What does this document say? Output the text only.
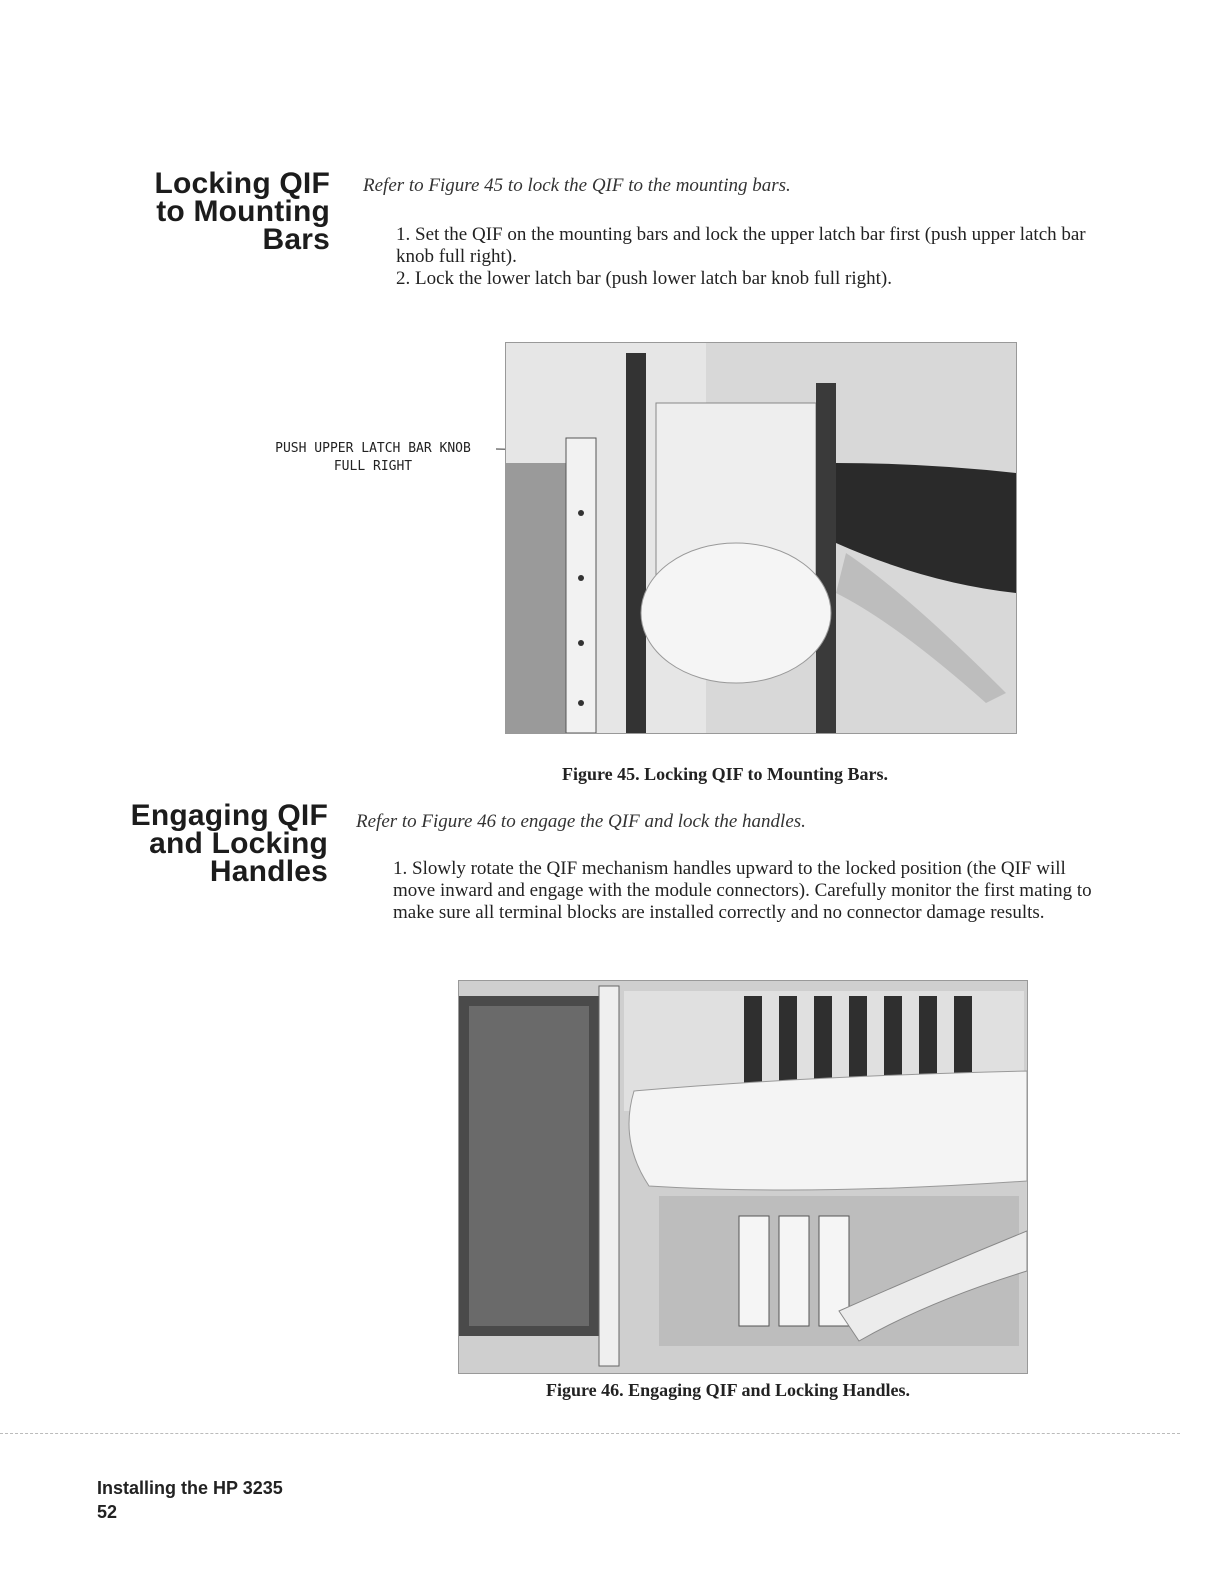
Locking QIF
to Mounting
Bars
Refer to Figure 45 to lock the QIF to the mounting bars.

1. Set the QIF on the mounting bars and lock the upper latch bar first (push upper latch bar knob full right).

2. Lock the lower latch bar (push lower latch bar knob full right).

PUSH UPPER LATCH BAR KNOB
FULL RIGHT
Figure 45. Locking QIF to Mounting Bars.
Engaging QIF
and Locking
Handles
Refer to Figure 46 to engage the QIF and lock the handles.

1. Slowly rotate the QIF mechanism handles upward to the locked position (the QIF will move inward and engage with the module connectors). Carefully monitor the first mating to make sure all terminal blocks are installed correctly and no connector damage results.

Figure 46. Engaging QIF and Locking Handles.
Installing the HP 3235
52
